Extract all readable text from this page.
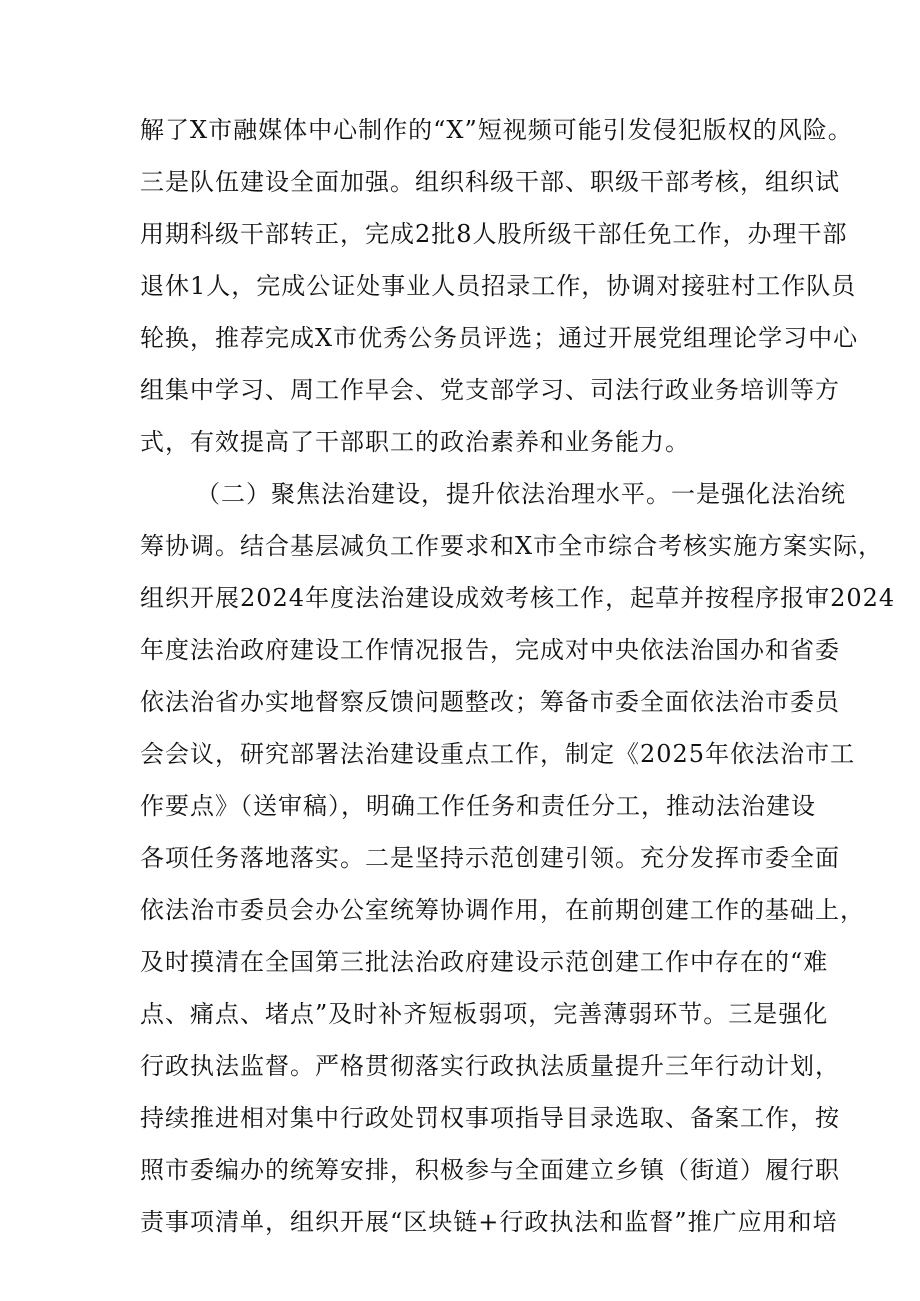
解了X市融媒体中心制作的“X”短视频可能引发侵犯版权的风险。
三是队伍建设全面加强。组织科级干部、职级干部考核，组织试
用期科级干部转正，完成2批8人股所级干部任免工作，办理干部
退休1人，完成公证处事业人员招录工作，协调对接驻村工作队员
轮换，推荐完成X市优秀公务员评选；通过开展党组理论学习中心
组集中学习、周工作早会、党支部学习、司法行政业务培训等方
式，有效提高了干部职工的政治素养和业务能力。
（二）聚焦法治建设，提升依法治理水平。一是强化法治统
筹协调。结合基层减负工作要求和X市全市综合考核实施方案实际，
组织开展2024年度法治建设成效考核工作，起草并按程序报审2024
年度法治政府建设工作情况报告，完成对中央依法治国办和省委
依法治省办实地督察反馈问题整改；筹备市委全面依法治市委员
会会议，研究部署法治建设重点工作，制定《2025年依法治市工
作要点》（送审稿），明确工作任务和责任分工，推动法治建设
各项任务落地落实。二是坚持示范创建引领。充分发挥市委全面
依法治市委员会办公室统筹协调作用，在前期创建工作的基础上，
及时摸清在全国第三批法治政府建设示范创建工作中存在的“难
点、痛点、堵点”及时补齐短板弱项，完善薄弱环节。三是强化
行政执法监督。严格贯彻落实行政执法质量提升三年行动计划，
持续推进相对集中行政处罚权事项指导目录选取、备案工作，按
照市委编办的统筹安排，积极参与全面建立乡镇（街道）履行职
责事项清单，组织开展“区块链+行政执法和监督”推广应用和培
